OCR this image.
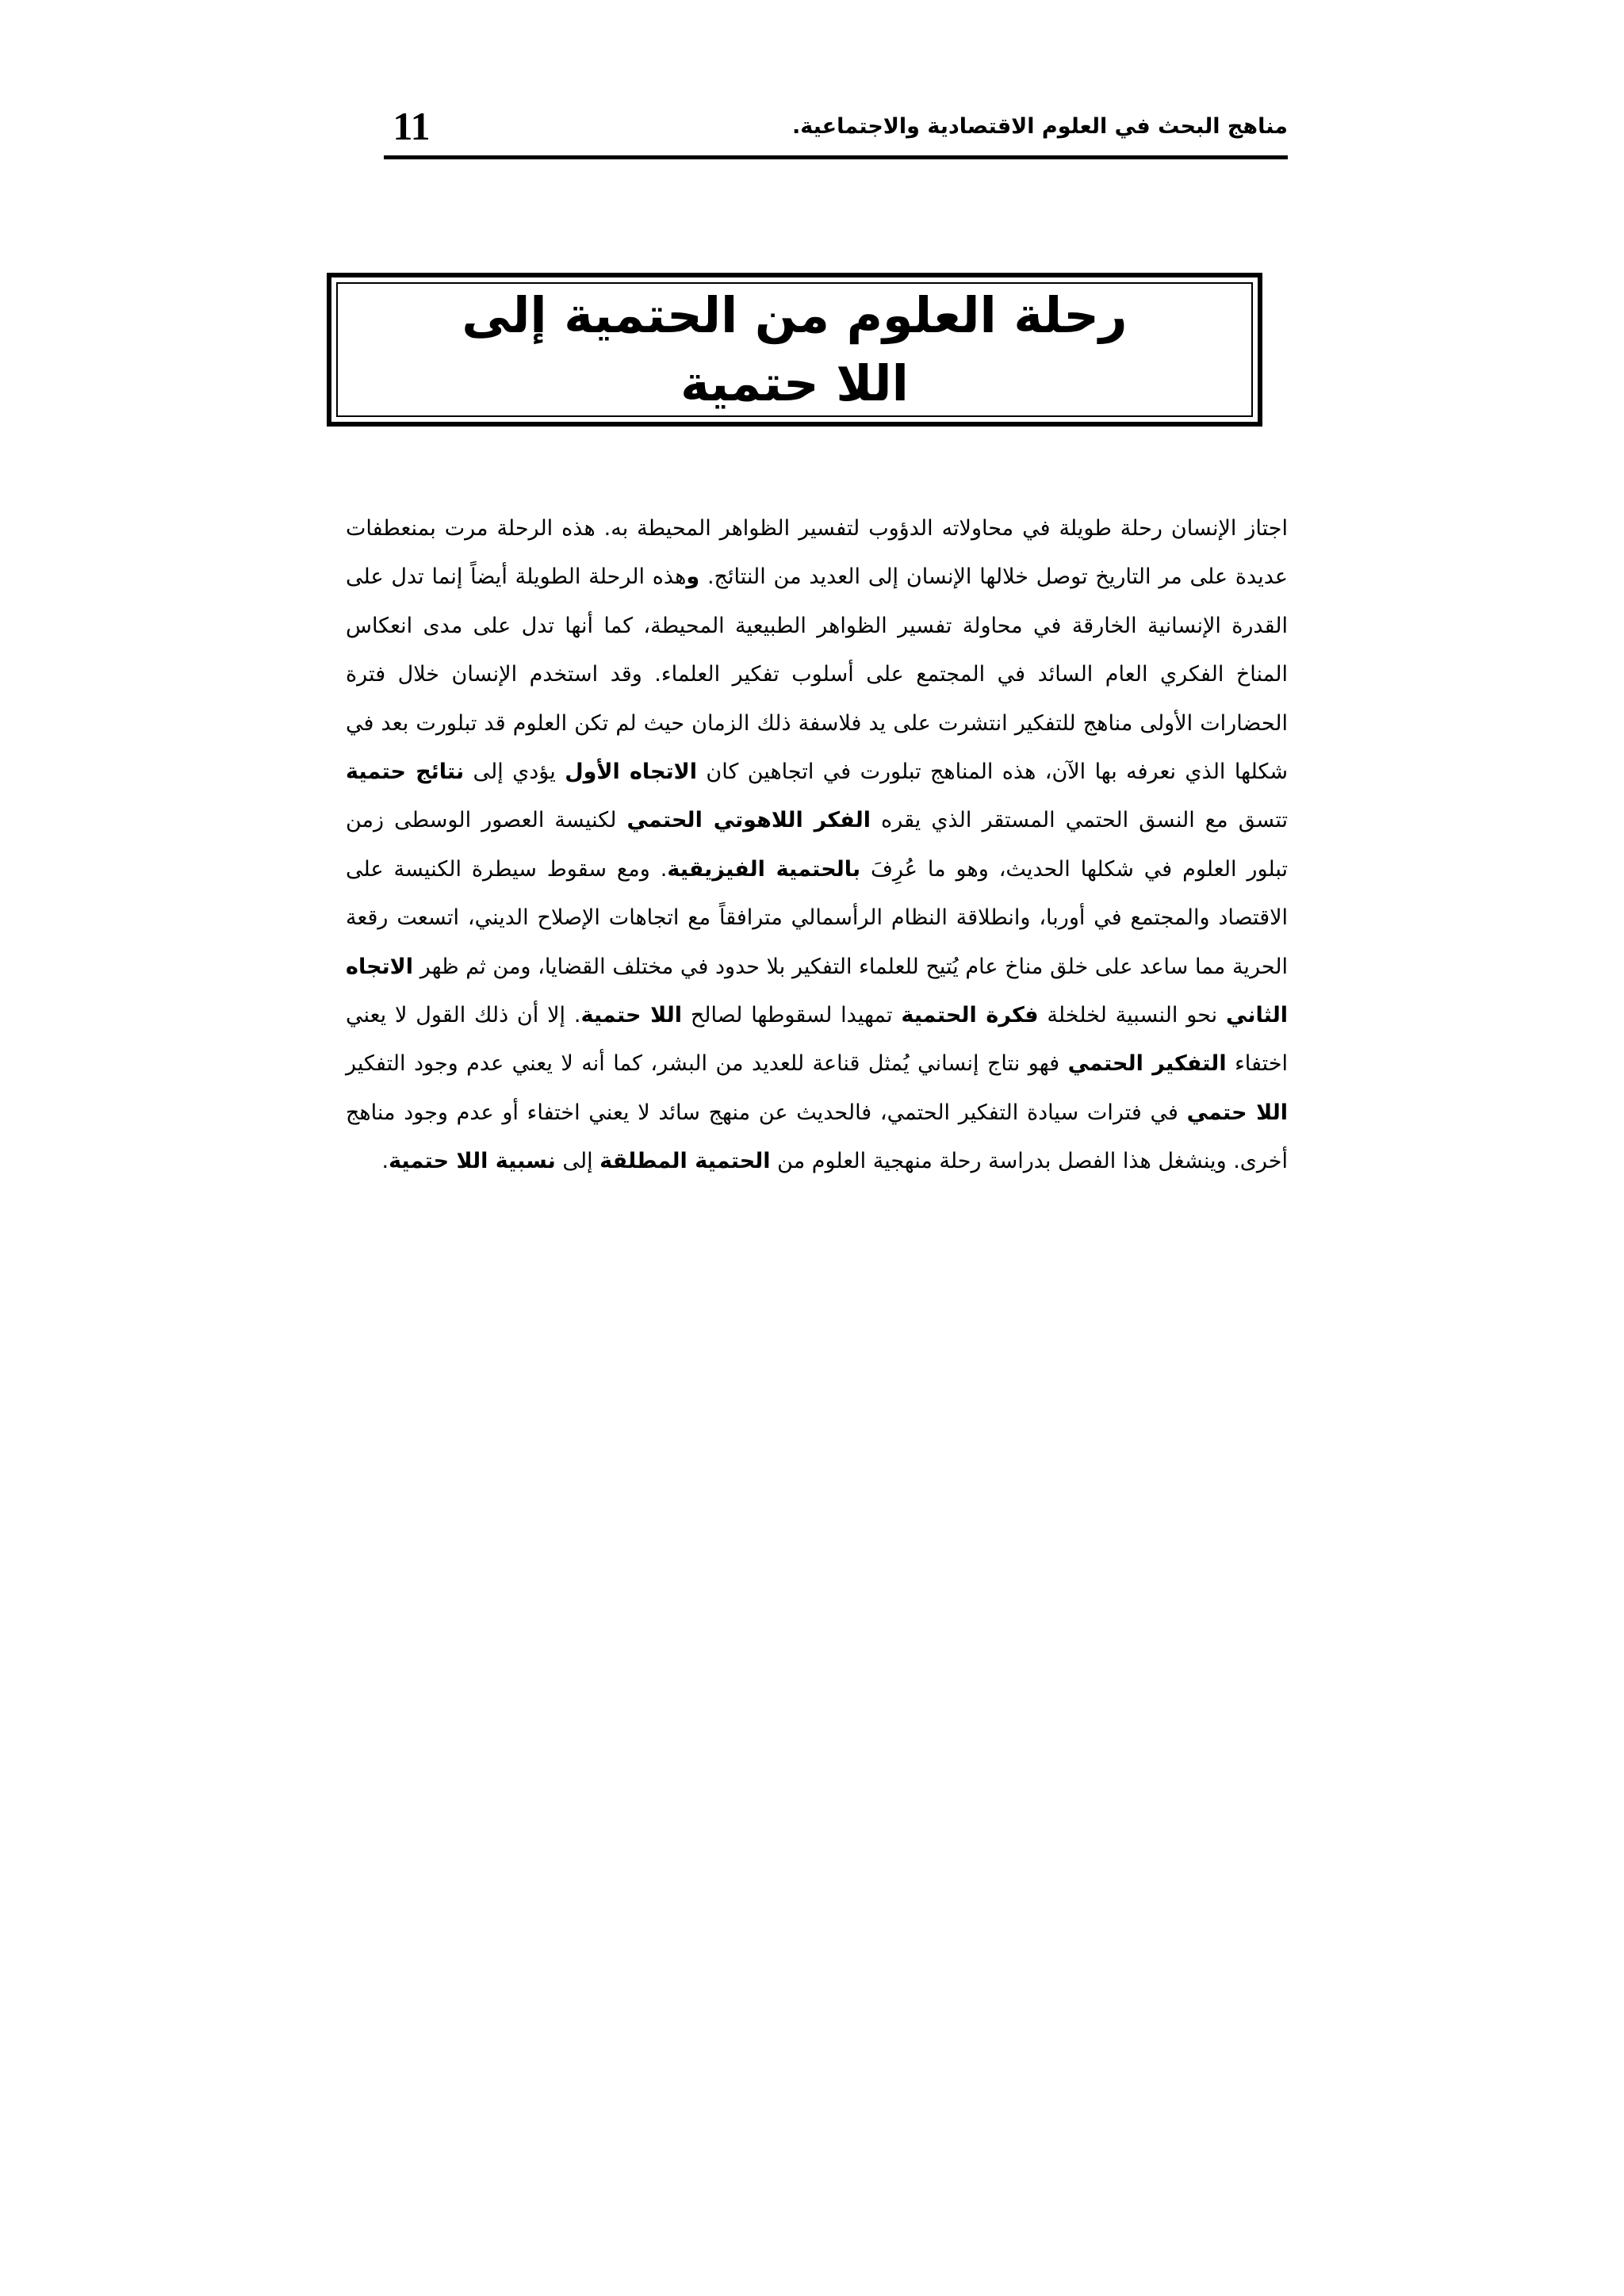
مناهج البحث في العلوم الاقتصادية والاجتماعية.
11
رحلة العلوم من الحتمية إلى اللا حتمية
اجتاز الإنسان رحلة طويلة في محاولاته الدؤوب لتفسير الظواهر المحيطة به. هذه الرحلة مرت بمنعطفات عديدة على مر التاريخ توصل خلالها الإنسان إلى العديد من النتائج. وهذه الرحلة الطويلة أيضاً إنما تدل على القدرة الإنسانية الخارقة في محاولة تفسير الظواهر الطبيعية المحيطة، كما أنها تدل على مدى انعكاس المناخ الفكري العام السائد في المجتمع على أسلوب تفكير العلماء. وقد استخدم الإنسان خلال فترة الحضارات الأولى مناهج للتفكير انتشرت على يد فلاسفة ذلك الزمان حيث لم تكن العلوم قد تبلورت بعد في شكلها الذي نعرفه بها الآن، هذه المناهج تبلورت في اتجاهين كان الاتجاه الأول يؤدي إلى نتائج حتمية تتسق مع النسق الحتمي المستقر الذي يقره الفكر اللاهوتي الحتمي لكنيسة العصور الوسطى زمن تبلور العلوم في شكلها الحديث، وهو ما عُرِفَ بالحتمية الفيزيقية. ومع سقوط سيطرة الكنيسة على الاقتصاد والمجتمع في أوربا، وانطلاقة النظام الرأسمالي مترافقاً مع اتجاهات الإصلاح الديني، اتسعت رقعة الحرية مما ساعد على خلق مناخ عام يُتيح للعلماء التفكير بلا حدود في مختلف القضايا، ومن ثم ظهر الاتجاه الثاني نحو النسبية لخلخلة فكرة الحتمية تمهيدا لسقوطها لصالح اللا حتمية. إلا أن ذلك القول لا يعني اختفاء التفكير الحتمي فهو نتاج إنساني يُمثل قناعة للعديد من البشر، كما أنه لا يعني عدم وجود التفكير اللا حتمي في فترات سيادة التفكير الحتمي، فالحديث عن منهج سائد لا يعني اختفاء أو عدم وجود مناهج أخرى. وينشغل هذا الفصل بدراسة رحلة منهجية العلوم من الحتمية المطلقة إلى نسبية اللا حتمية.
